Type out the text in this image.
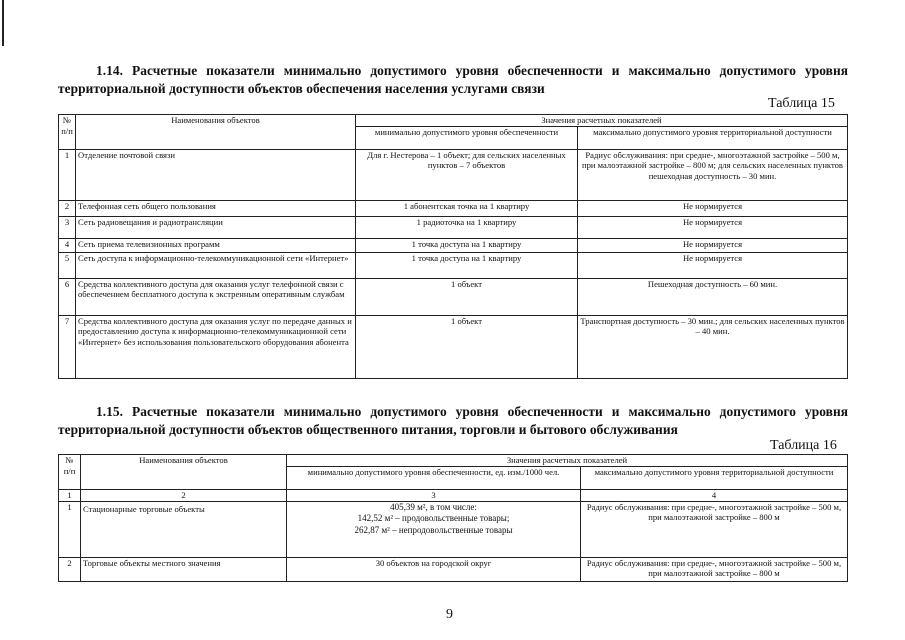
1.14. Расчетные показатели минимально допустимого уровня обеспеченности и максимально допустимого уровня территориальной доступности объектов обеспечения населения услугами связи

Таблица 15
№ п/п	Наименования объектов	Значения расчетных показателей	
		минимально допустимого уровня обеспеченности	максимально допустимого уровня территориальной доступности
1	Отделение почтовой связи	Для г. Нестерова – 1 объект; для сельских населенных пунктов – 7 объектов	Радиус обслуживания: при средне-, многоэтажной застройке – 500 м, при малоэтажной застройке – 800 м; для сельских населенных пунктов пешеходная доступность – 30 мин.
2	Телефонная сеть общего пользования	1 абонентская точка на 1 квартиру	Не нормируется
3	Сеть радиовещания и радиотрансляции	1 радиоточка на 1 квартиру	Не нормируется
4	Сеть приема телевизионных программ	1 точка доступа на 1 квартиру	Не нормируется
5	Сеть доступа к информационно-телекоммуникационной сети «Интернет»	1 точка доступа на 1 квартиру	Не нормируется
6	Средства коллективного доступа для оказания услуг телефонной связи с обеспечением бесплатного доступа к экстренным оперативным службам	1 объект	Пешеходная доступность – 60 мин.
7	Средства коллективного доступа для оказания услуг по передаче данных и предоставлению доступа к информационно-телекоммуникационной сети «Интернет» без использования пользовательского оборудования абонента	1 объект	Транспортная доступность – 30 мин.; для сельских населенных пунктов – 40 мин.

1.15. Расчетные показатели минимально допустимого уровня обеспеченности и максимально допустимого уровня территориальной доступности объектов общественного питания, торговли и бытового обслуживания

Таблица 16
№ п/п	Наименования объектов	Значения расчетных показателей	
		минимально допустимого уровня обеспеченности, ед. изм./1000 чел.	максимально допустимого уровня территориальной доступности
1	2	3	4
1	Стационарные торговые объекты	405,39 м², в том числе:
142,52 м² – продовольственные товары;
262,87 м² – непродовольственные товары	Радиус обслуживания: при средне-, многоэтажной застройке – 500 м, при малоэтажной застройке – 800 м
2	Торговые объекты местного значения	30 объектов на городской округ	Радиус обслуживания: при средне-, многоэтажной застройке – 500 м, при малоэтажной застройке – 800 м
9
